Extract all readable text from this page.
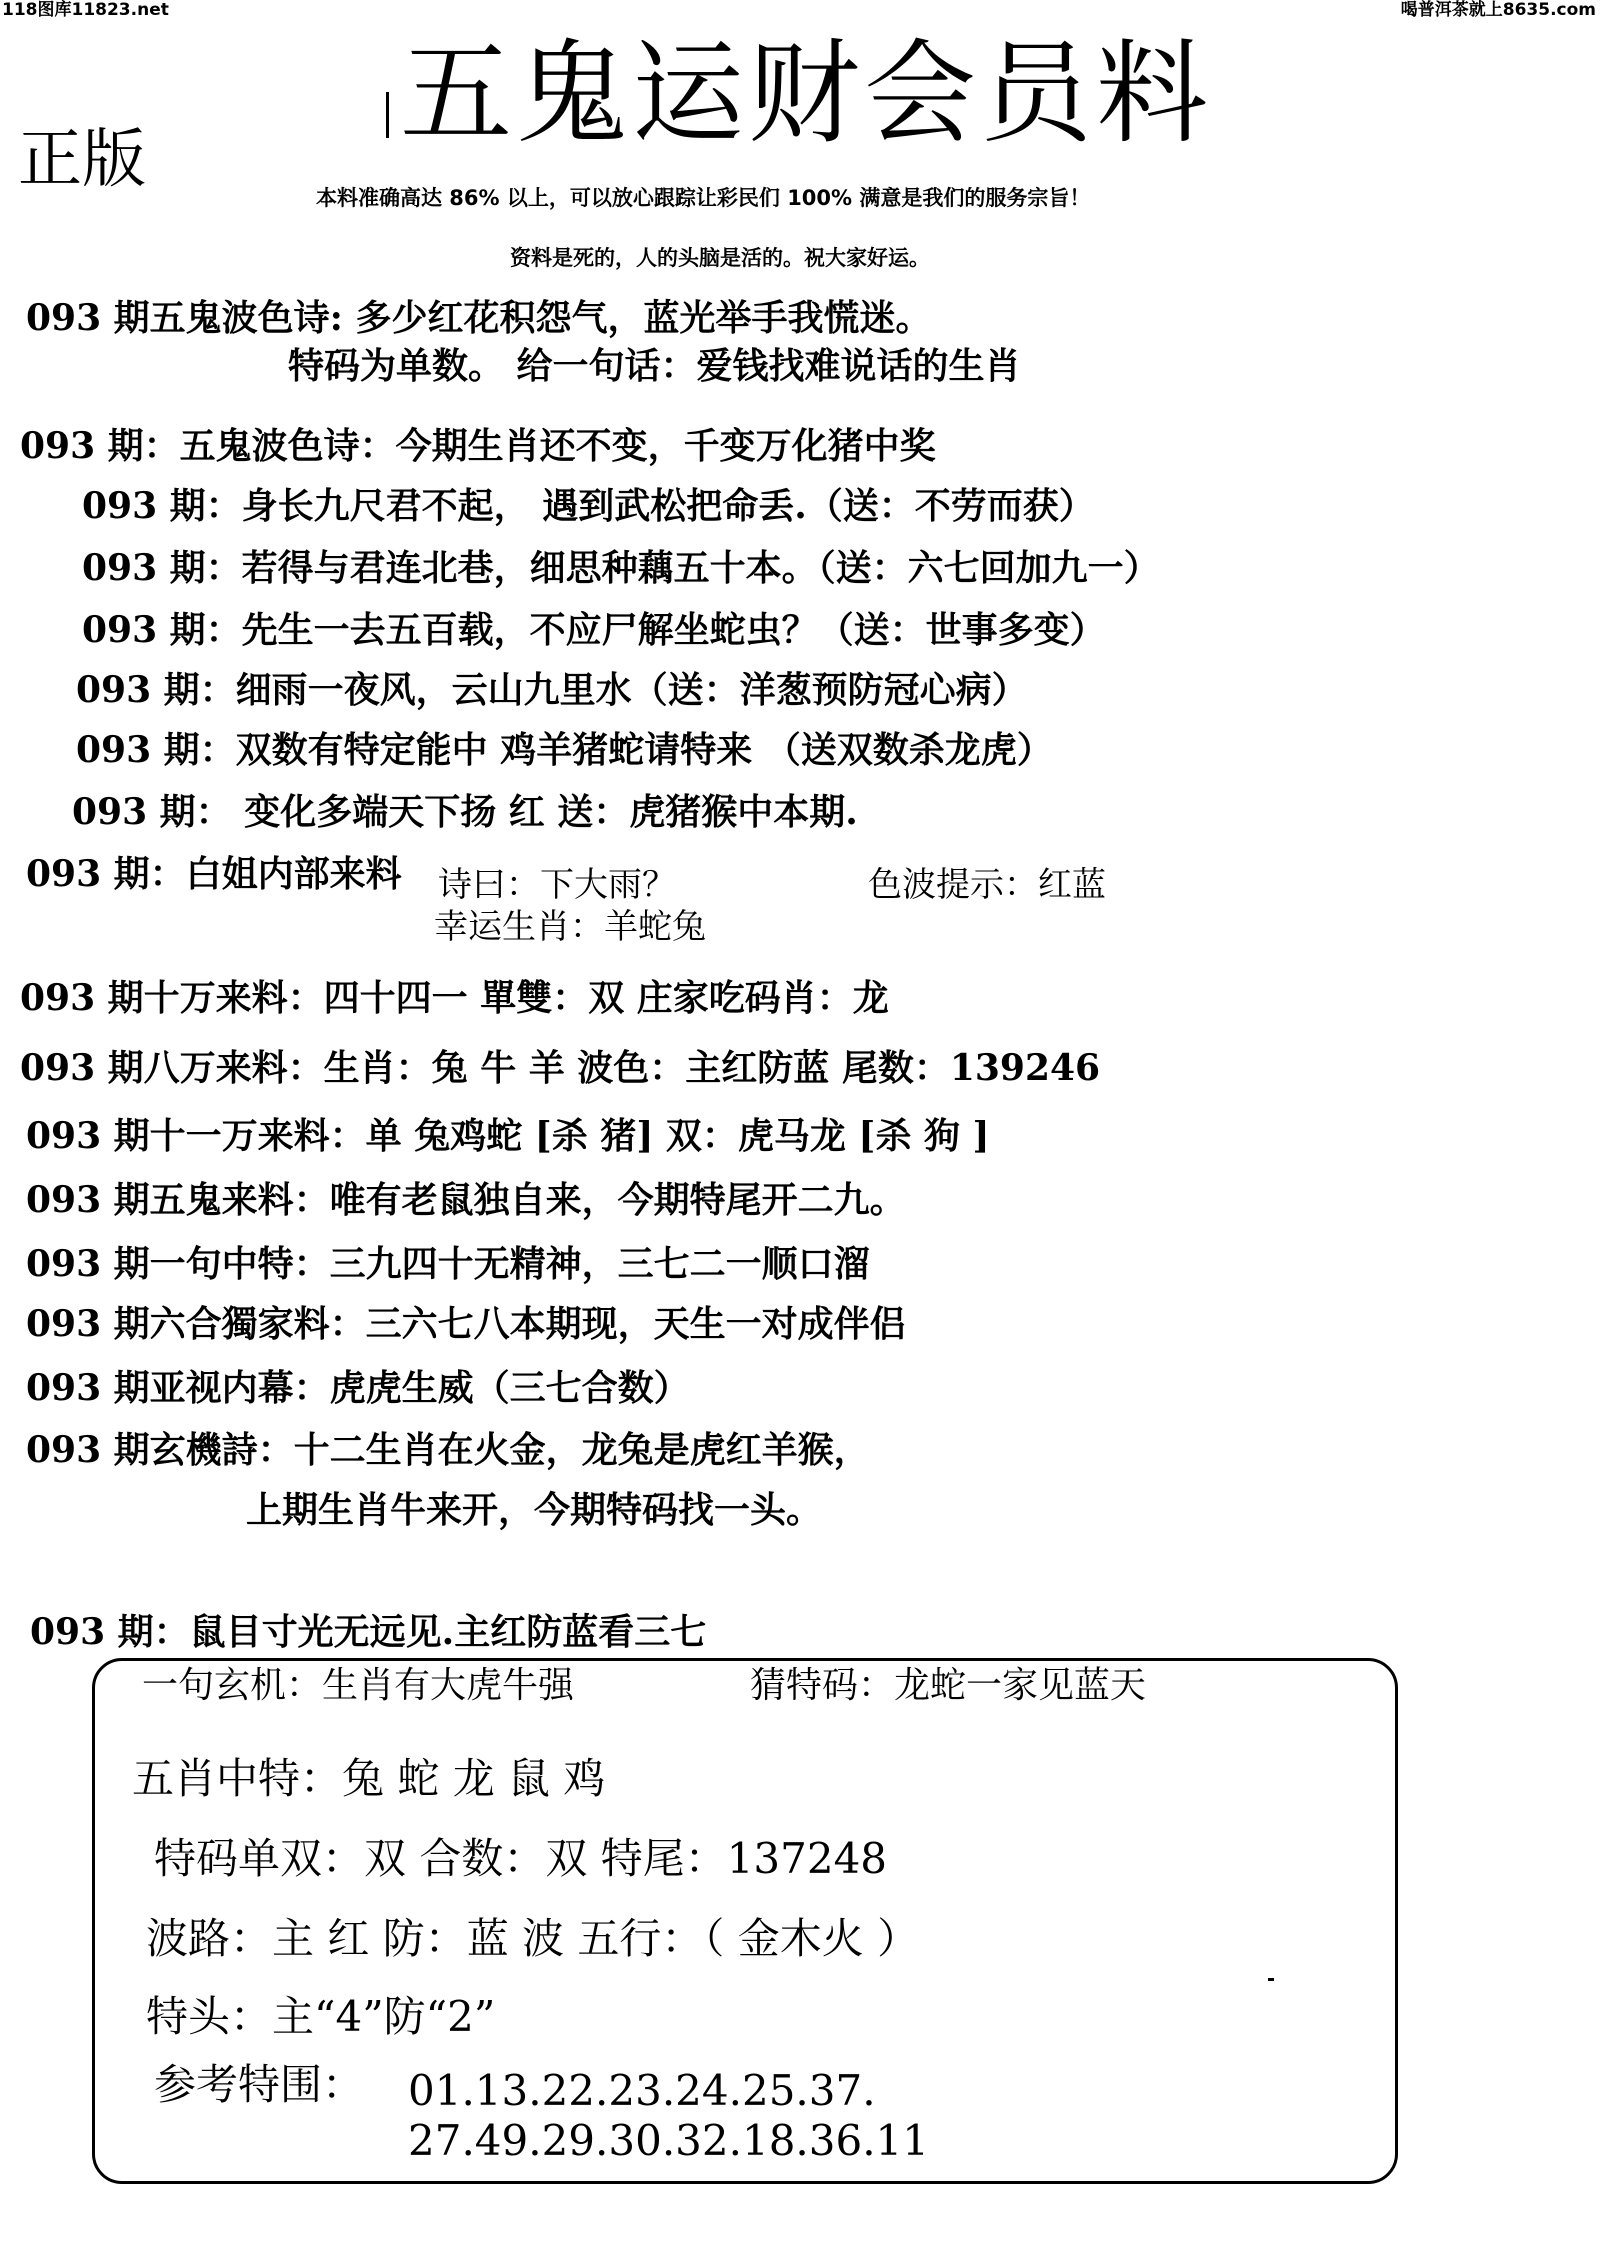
118图库11823.net	喝普洱茶就上8635.com
五鬼运财会员料
正版
本料准确高达 86% 以上，可以放心跟踪让彩民们 100% 满意是我们的服务宗旨！
资料是死的，人的头脑是活的。祝大家好运。
093 期五鬼波色诗: 多少红花积怨气，蓝光举手我慌迷。
特码为单数。 给一句话：爱钱找难说话的生肖
093 期：五鬼波色诗：今期生肖还不变，千变万化猪中奖
093 期：身长九尺君不起， 遇到武松把命丢.（送：不劳而获）
093 期：若得与君连北巷，细思种藕五十本。（送：六七回加九一）
093 期：先生一去五百载，不应尸解坐蛇虫？（送：世事多变）
093 期：细雨一夜风，云山九里水（送：洋葱预防冠心病）
093 期：双数有特定能中 鸡羊猪蛇请特来 （送双数杀龙虎）
093 期： 变化多端天下扬 红 送：虎猪猴中本期.
093 期：白姐内部来料 诗曰：下大雨？	色波提示：红蓝
幸运生肖：羊蛇兔
093 期十万来料：四十四一 單雙：双 庄家吃码肖：龙
093 期八万来料：生肖：兔 牛 羊 波色：主红防蓝 尾数：139246
093 期十一万来料：单 兔鸡蛇 [杀 猪] 双：虎马龙 [杀 狗 ]
093 期五鬼来料：唯有老鼠独自来，今期特尾开二九。
093 期一句中特：三九四十无精神，三七二一顺口溜
093 期六合獨家料：三六七八本期现，天生一对成伴侣
093 期亚视内幕：虎虎生威（三七合数）
093 期玄機詩：十二生肖在火金，龙兔是虎红羊猴，
上期生肖牛来开，今期特码找一头。
093 期：鼠目寸光无远见.主红防蓝看三七
一句玄机：生肖有大虎牛强	猜特码：龙蛇一家见蓝天
五肖中特：兔 蛇 龙 鼠 鸡
特码单双：双 合数：双 特尾：137248
波路：主 红 防：蓝 波 五行：（ 金木火 ）
特头：主“4”防“2”
参考特围： 01.13.22.23.24.25.37.
27.49.29.30.32.18.36.11
